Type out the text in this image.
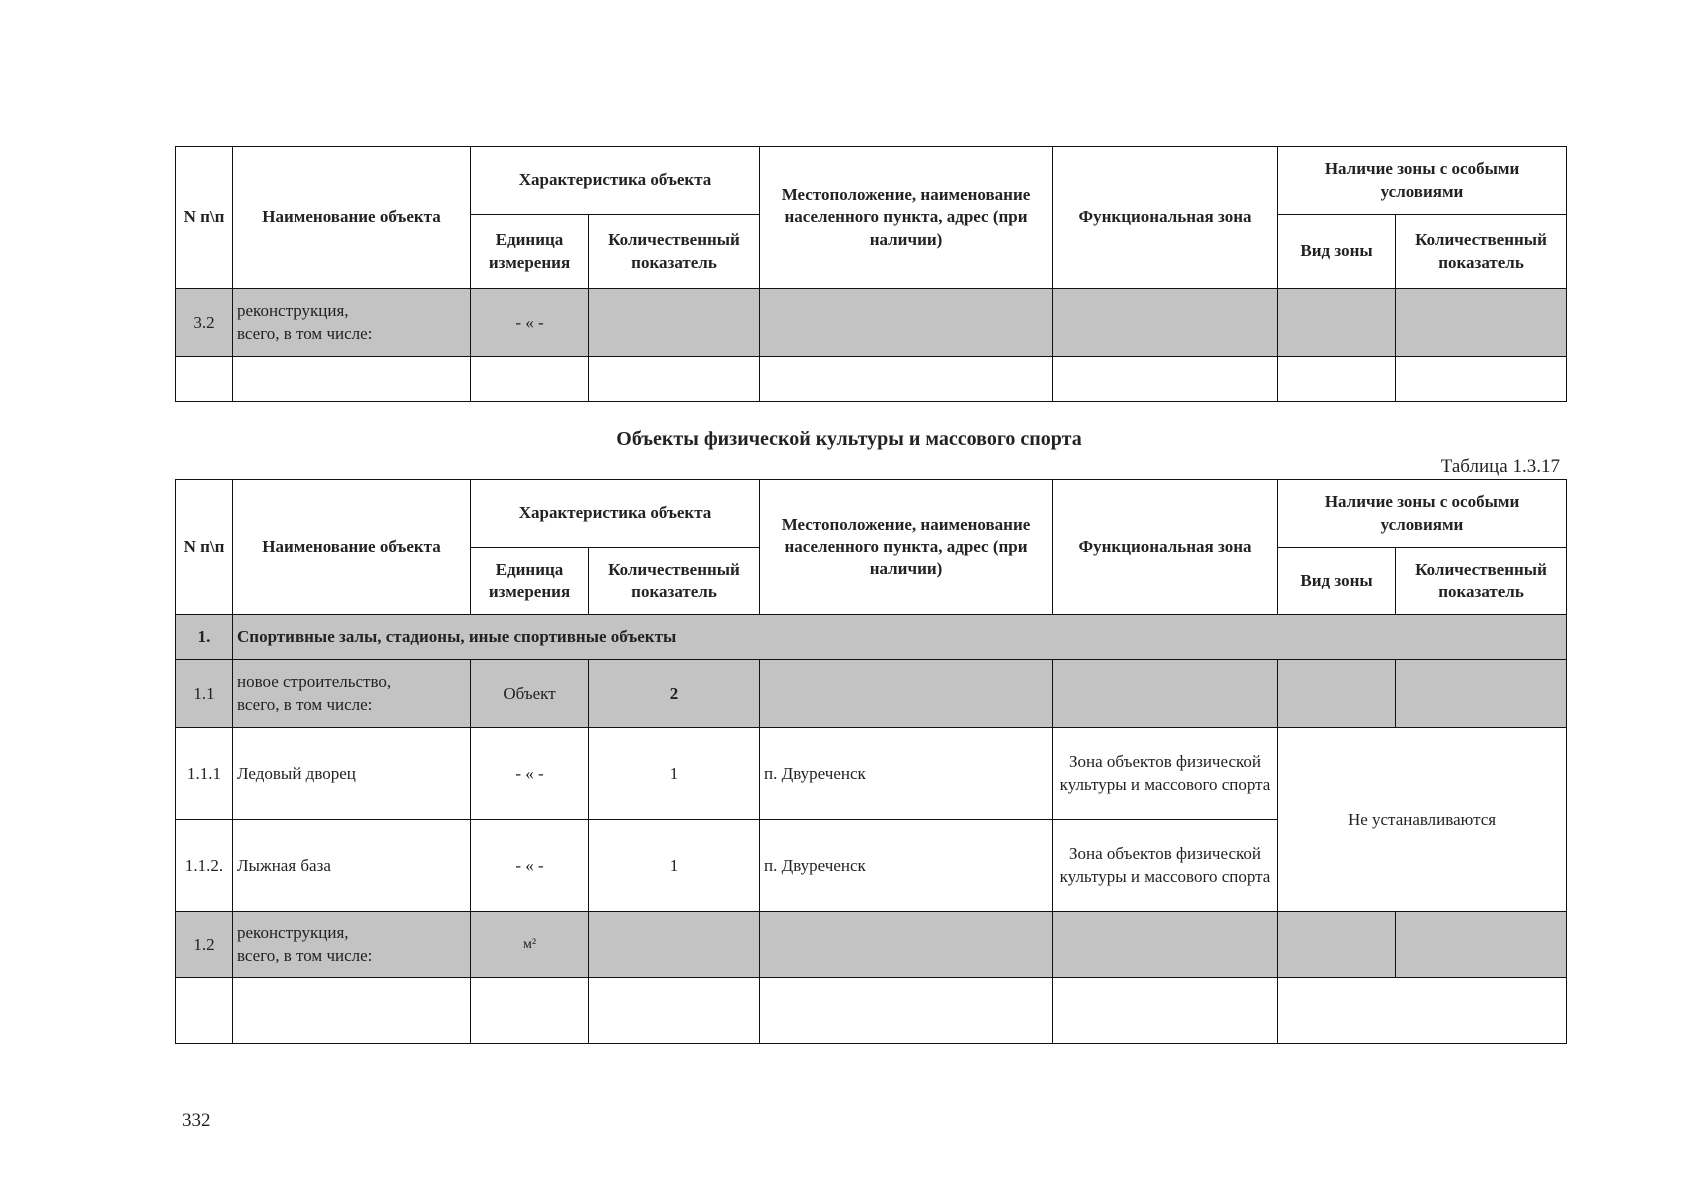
N п\п	Наименование объекта	Характеристика объекта		Местоположение, наименование населенного пункта, адрес (при наличии)	Функциональная зона	Наличие зоны с особыми условиями	
		Единица измерения	Количественный показатель			Вид зоны	Количественный показатель
3.2	реконструкция,
всего, в том числе:	- « -					

Объекты физической культуры и массового спорта
Таблица 1.3.17
N п\п	Наименование объекта	Характеристика объекта		Местоположение, наименование населенного пункта, адрес (при наличии)	Функциональная зона	Наличие зоны с особыми условиями	
		Единица измерения	Количественный показатель			Вид зоны	Количественный показатель
1.	Спортивные залы, стадионы, иные спортивные объекты						
1.1	новое строительство,
всего, в том числе:	Объект	2				
1.1.1	Ледовый дворец	- « -	1	п. Двуреченск	Зона объектов физической культуры и массового спорта	Не устанавливаются	
1.1.2.	Лыжная база	- « -	1	п. Двуреченск	Зона объектов физической культуры и массового спорта		
1.2	реконструкция,
всего, в том числе:	м²					

332
